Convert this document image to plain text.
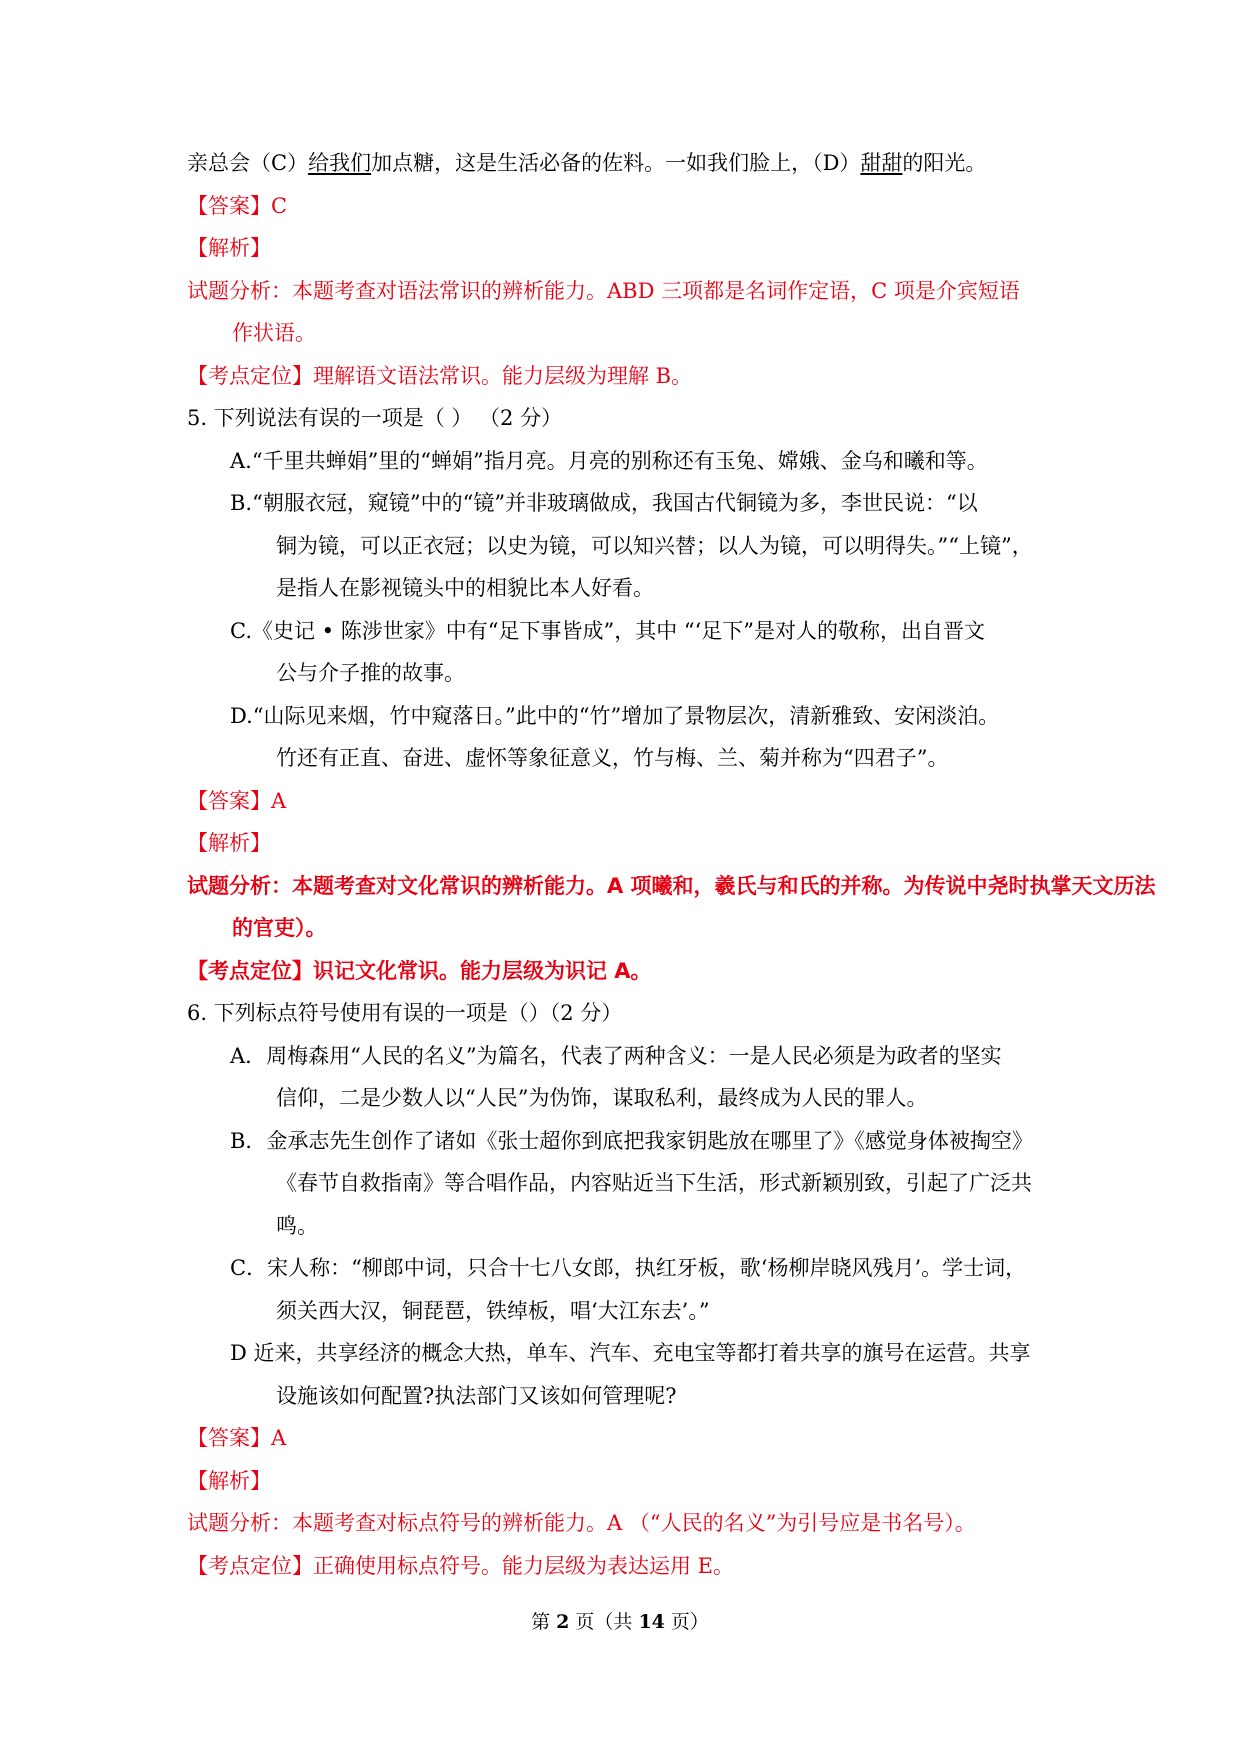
亲总会（C）给我们加点糖，这是生活必备的佐料。一如我们脸上，（D）甜甜的阳光。
【答案】C
【解析】
试题分析：本题考查对语法常识的辨析能力。ABD 三项都是名词作定语，C 项是介宾短语
作状语。
【考点定位】理解语文语法常识。能力层级为理解 B。
5. 下列说法有误的一项是（ ） （2 分）
A.“千里共蝉娟”里的“蝉娟”指月亮。月亮的别称还有玉兔、嫦娥、金乌和曦和等。
B.“朝服衣冠，窥镜”中的“镜”并非玻璃做成，我国古代铜镜为多，李世民说：“以
铜为镜，可以正衣冠；以史为镜，可以知兴替；以人为镜，可以明得失。”“上镜”，
是指人在影视镜头中的相貌比本人好看。
C.《史记 • 陈涉世家》中有“足下事皆成”，其中 “‘足下”是对人的敬称，出自晋文
公与介子推的故事。
D.“山际见来烟，竹中窥落日。”此中的“竹”增加了景物层次，清新雅致、安闲淡泊。
竹还有正直、奋进、虚怀等象征意义，竹与梅、兰、菊并称为“四君子”。
【答案】A
【解析】
试题分析：本题考查对文化常识的辨析能力。A 项曦和，羲氏与和氏的并称。为传说中尧时执掌天文历法
的官吏）。
【考点定位】识记文化常识。能力层级为识记 A。
6. 下列标点符号使用有误的一项是（）（2 分）
A．周梅森用“人民的名义”为篇名，代表了两种含义：一是人民必须是为政者的坚实
信仰，二是少数人以“人民”为伪饰，谋取私利，最终成为人民的罪人。
B．金承志先生创作了诸如《张士超你到底把我家钥匙放在哪里了》《感觉身体被掏空》
《春节自救指南》等合唱作品，内容贴近当下生活，形式新颖别致，引起了广泛共
鸣。
C．宋人称：“柳郎中词，只合十七八女郎，执红牙板，歌‘杨柳岸晓风残月’。学士词，
须关西大汉，铜琵琶，铁绰板，唱‘大江东去’。”
D 近来，共享经济的概念大热，单车、汽车、充电宝等都打着共享的旗号在运营。共享
设施该如何配置?执法部门又该如何管理呢?
【答案】A
【解析】
试题分析：本题考查对标点符号的辨析能力。A （“人民的名义”为引号应是书名号）。
【考点定位】正确使用标点符号。能力层级为表达运用 E。
第 2 页（共 14 页）
